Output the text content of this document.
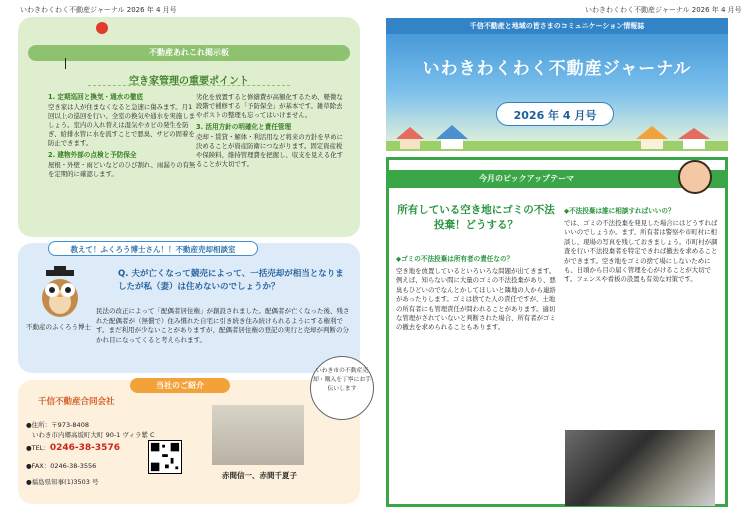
いわきわくわく不動産ジャーナル 2026 年 4 月号	いわきわくわく不動産ジャーナル 2026 年 4 月号
不動産あれこれ掲示板
空き家管理の重要ポイント
1. 定期巡回と換気・通水の徹底

空き家は人が住まなくなると急速に傷みます。月1回以上の巡回を行い、全室の換気や通水を実施しましょう。室内の入れ替えは湿気やカビの発生を防ぎ、給排水管に水を流すことで悪臭、サビの固着を防止できます。

2. 建物外部の点検と予防保全

屋根・外壁・雨どいなどのひび割れ、雨漏りの有無を定期的に確認します。

劣化を放置すると修繕費が高額化するため、軽微な段階で補修する「予防保全」が基本です。雑草除去やポストの整理も忘ってはいけません。

3. 活用方針の明確化と責任管理

売却・賃貸・解体・利活用など将来の方針を早めに決めることが資産防衛につながります。固定資産税や保険料、維持管理費を把握し、収支を見える化することが大切です。

教えて！ふくろう博士さん！！不動産売却相談室
不動産のふくろう博士
Q. 夫が亡くなって競売によって、一括売却が相当となりましたが私（妻）は住めないのでしょうか？
民法の改正によって「配偶者居住権」が創設されました。配偶者が亡くなった後、残された配偶者が（無償で）住み慣れた自宅に引き続き住み続けられるようにする権利です。まだ利用が少ないことがありますが、配偶者居住権の登記の実行と売却が判断の分かれ目になってくると考えられます。
当社のご紹介
千信不動産合同会社
●住所：〒973-8408
いわき市内郷高坂町大町 90-1 ヴィラ紫 C
●TEL：0246-38-3576
●FAX：0246-38-3556
●福島県知事(1)3503 号
赤間信一、赤間千夏子
いわき市の不動産売却・購入を丁寧にお手伝いします
千信不動産と地域の皆さまのコミュニケーション情報誌
いわきわくわく不動産ジャーナル
2026 年 4 月号
今月のピックアップテーマ
所有している空き地にゴミの不法投棄！どうする？
◆ゴミの不法投棄は所有者の責任なの？
空き地を放置しているといろいろな問題が出てきます。例えば、知らない間に大量のゴミの不法投棄があり、悪臭もひどいのでなんとかしてほしいと隣地の人から連絡があったりします。ゴミは捨てた人の責任ですが、土地の所有者にも管理責任が問われることがあります。適切な管理がされていないと判断された場合、所有者がゴミの撤去を求められることもあります。
◆不法投棄は誰に相談すればいいの？
では、ゴミの不法投棄を発見した場合にはどうすればいいのでしょうか。まず、所有者は警察や市町村に相談し、現場の写真を残しておきましょう。市町村が調査を行い不法投棄者を特定できれば撤去を求めることができます。空き地をゴミの捨て場にしないためにも、日頃から目の届く管理を心がけることが大切です。フェンスや看板の設置も有効な対策です。
